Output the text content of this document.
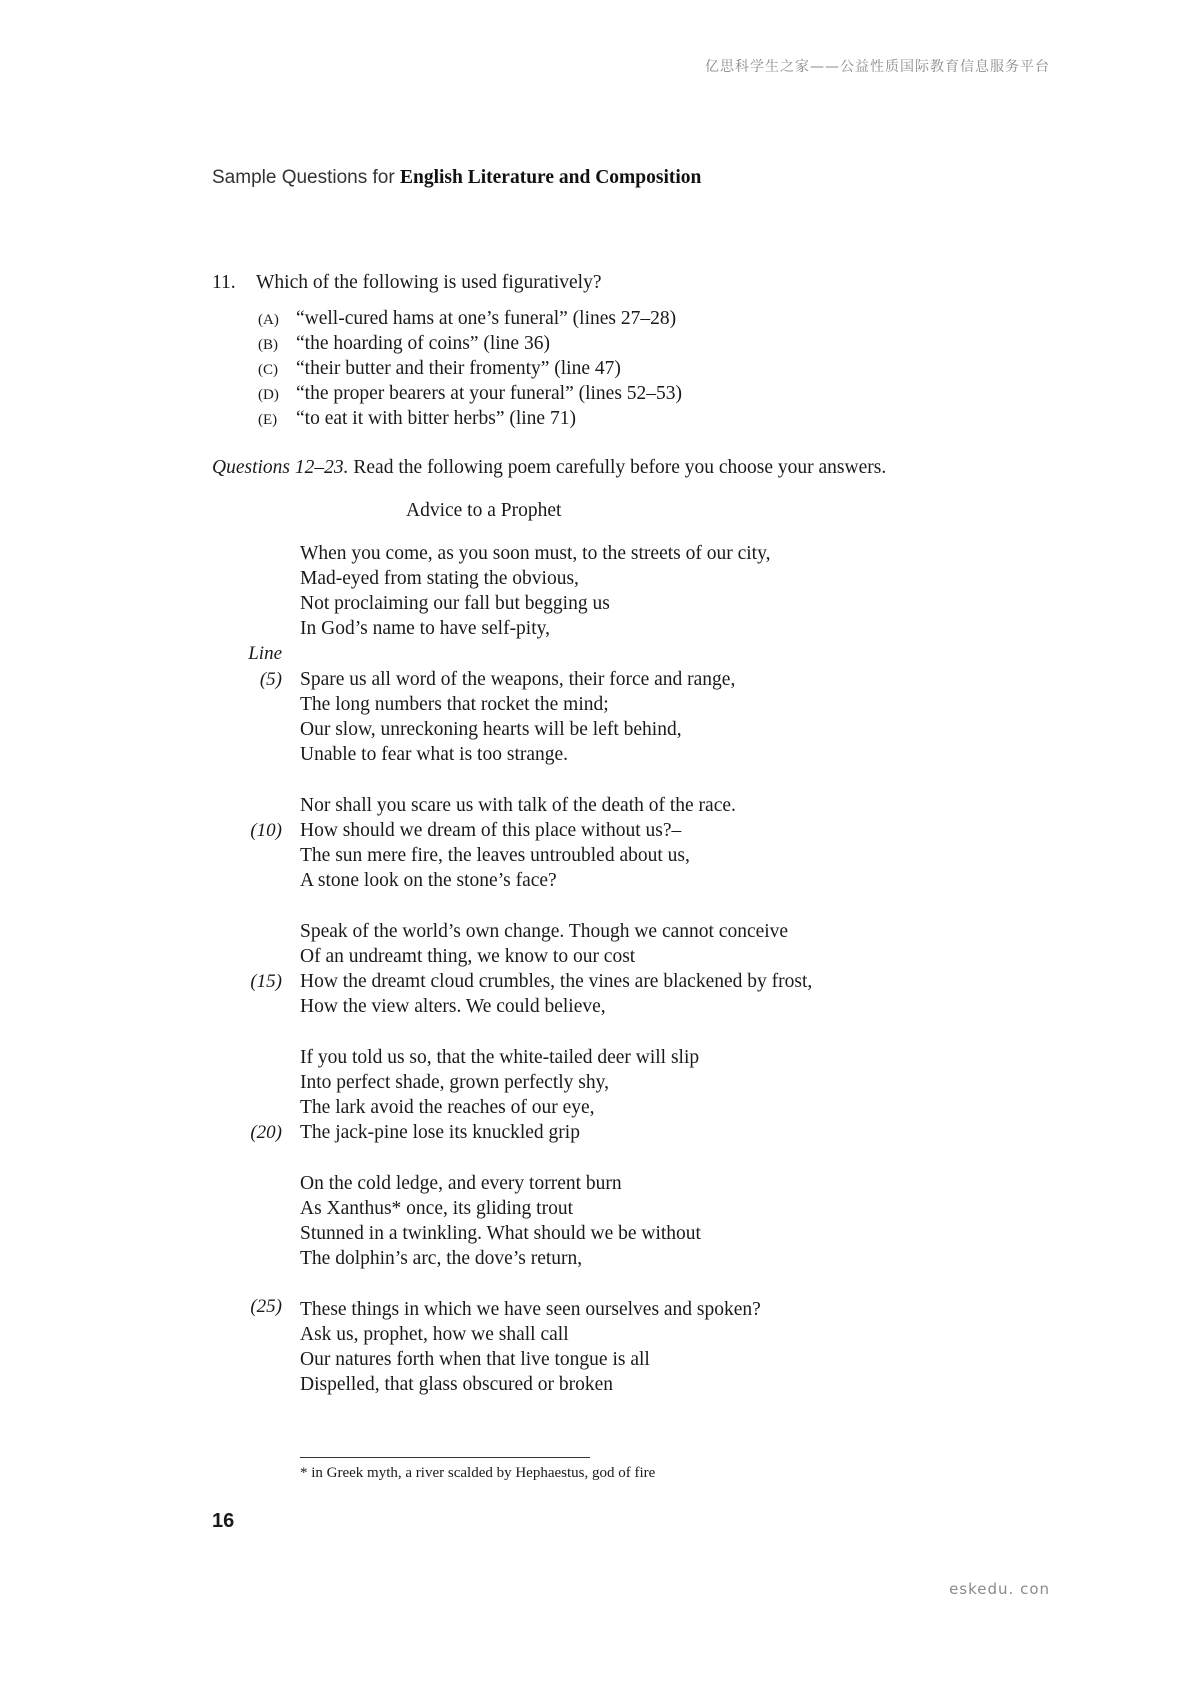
亿思科学生之家——公益性质国际教育信息服务平台
Sample Questions for English Literature and Composition
11. Which of the following is used figuratively?
(A) “well-cured hams at one’s funeral” (lines 27–28)
(B) “the hoarding of coins” (line 36)
(C) “their butter and their fromenty” (line 47)
(D) “the proper bearers at your funeral” (lines 52–53)
(E) “to eat it with bitter herbs” (line 71)
Questions 12–23. Read the following poem carefully before you choose your answers.
Advice to a Prophet
When you come, as you soon must, to the streets of our city,
Mad-eyed from stating the obvious,
Not proclaiming our fall but begging us
In God’s name to have self-pity,
Line
(5) Spare us all word of the weapons, their force and range,
The long numbers that rocket the mind;
Our slow, unreckoning hearts will be left behind,
Unable to fear what is too strange.
Nor shall you scare us with talk of the death of the race.
(10) How should we dream of this place without us?–
The sun mere fire, the leaves untroubled about us,
A stone look on the stone’s face?
Speak of the world’s own change. Though we cannot conceive
Of an undreamt thing, we know to our cost
(15) How the dreamt cloud crumbles, the vines are blackened by frost,
How the view alters. We could believe,
If you told us so, that the white-tailed deer will slip
Into perfect shade, grown perfectly shy,
The lark avoid the reaches of our eye,
(20) The jack-pine lose its knuckled grip
On the cold ledge, and every torrent burn
As Xanthus* once, its gliding trout
Stunned in a twinkling. What should we be without
The dolphin’s arc, the dove’s return,
(25) These things in which we have seen ourselves and spoken?
Ask us, prophet, how we shall call
Our natures forth when that live tongue is all
Dispelled, that glass obscured or broken
* in Greek myth, a river scalded by Hephaestus, god of fire
16
eskedu. con
